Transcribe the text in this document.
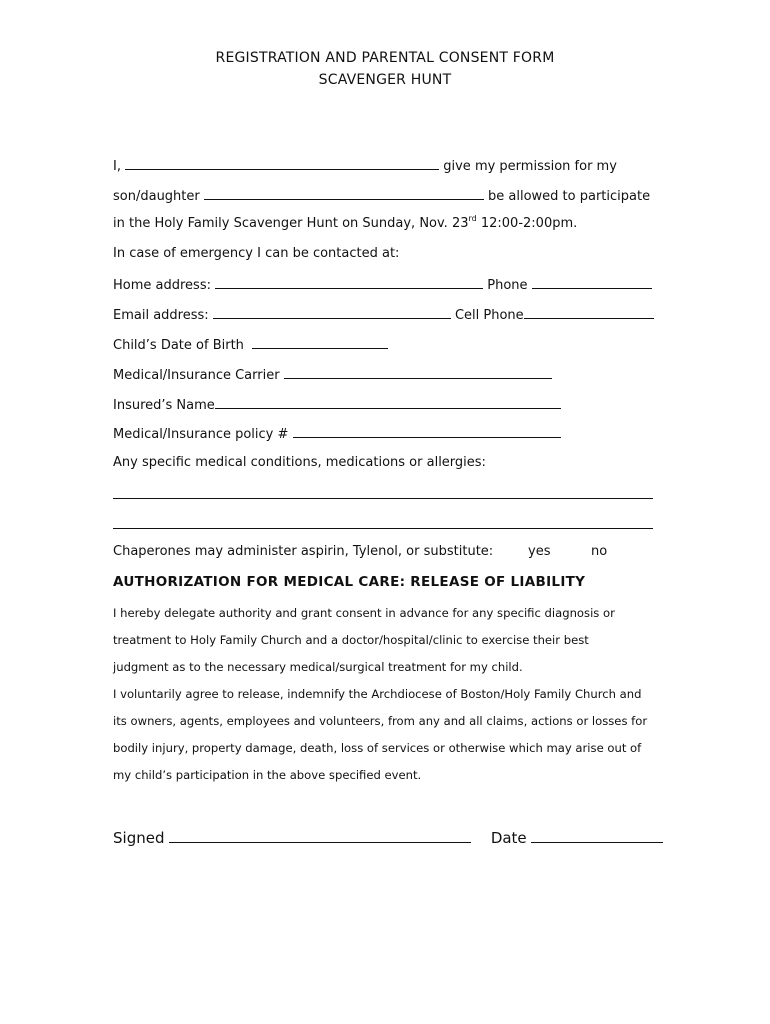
REGISTRATION AND PARENTAL CONSENT FORM
SCAVENGER HUNT
I,	give my permission for my
son/daughter	be allowed to participate
in the Holy Family Scavenger Hunt on Sunday, Nov. 23rd 12:00-2:00pm.
In case of emergency I can be contacted at:
Home address:	Phone
Email address:	Cell Phone
Child’s Date of Birth
Medical/Insurance Carrier
Insured’s Name
Medical/Insurance policy #
Any specific medical conditions, medications or allergies:
Chaperones may administer aspirin, Tylenol, or substitute:	yes	no
AUTHORIZATION FOR MEDICAL CARE: RELEASE OF LIABILITY
I hereby delegate authority and grant consent in advance for any specific diagnosis or
treatment to Holy Family Church and a doctor/hospital/clinic to exercise their best
judgment as to the necessary medical/surgical treatment for my child.
I voluntarily agree to release, indemnify the Archdiocese of Boston/Holy Family Church and
its owners, agents, employees and volunteers, from any and all claims, actions or losses for
bodily injury, property damage, death, loss of services or otherwise which may arise out of
my child’s participation in the above specified event.
Signed	Date
